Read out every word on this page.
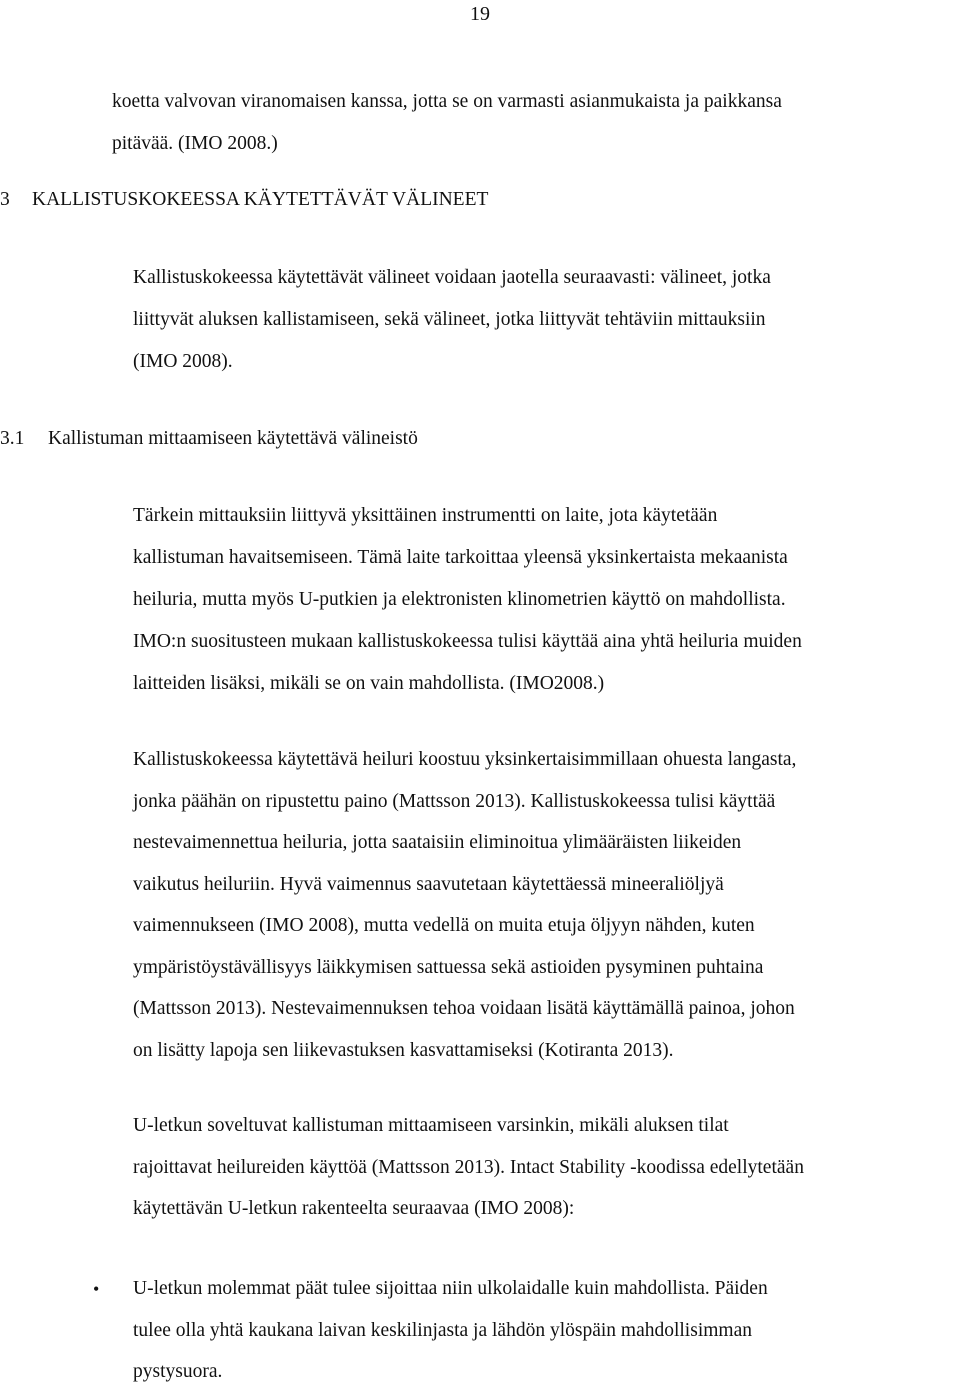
19
koetta valvovan viranomaisen kanssa, jotta se on varmasti asianmukaista ja paikkansa
pitävää. (IMO 2008.)
3 KALLISTUSKOKEESSA KÄYTETTÄVÄT VÄLINEET
Kallistuskokeessa käytettävät välineet voidaan jaotella seuraavasti: välineet, jotka
liittyvät aluksen kallistamiseen, sekä välineet, jotka liittyvät tehtäviin mittauksiin
(IMO 2008).
3.1 Kallistuman mittaamiseen käytettävä välineistö
Tärkein mittauksiin liittyvä yksittäinen instrumentti on laite, jota käytetään
kallistuman havaitsemiseen. Tämä laite tarkoittaa yleensä yksinkertaista mekaanista
heiluria, mutta myös U-putkien ja elektronisten klinometrien käyttö on mahdollista.
IMO:n suositusteen mukaan kallistuskokeessa tulisi käyttää aina yhtä heiluria muiden
laitteiden lisäksi, mikäli se on vain mahdollista. (IMO2008.)
Kallistuskokeessa käytettävä heiluri koostuu yksinkertaisimmillaan ohuesta langasta,
jonka päähän on ripustettu paino (Mattsson 2013). Kallistuskokeessa tulisi käyttää
nestevaimennettua heiluria, jotta saataisiin eliminoitua ylimääräisten liikeiden
vaikutus heiluriin. Hyvä vaimennus saavutetaan käytettäessä mineeraliöljyä
vaimennukseen (IMO 2008), mutta vedellä on muita etuja öljyyn nähden, kuten
ympäristöystävällisyys läikkymisen sattuessa sekä astioiden pysyminen puhtaina
(Mattsson 2013). Nestevaimennuksen tehoa voidaan lisätä käyttämällä painoa, johon
on lisätty lapoja sen liikevastuksen kasvattamiseksi (Kotiranta 2013).
U-letkun soveltuvat kallistuman mittaamiseen varsinkin, mikäli aluksen tilat
rajoittavat heilureiden käyttöä (Mattsson 2013). Intact Stability -koodissa edellytetään
käytettävän U-letkun rakenteelta seuraavaa (IMO 2008):
• U-letkun molemmat päät tulee sijoittaa niin ulkolaidalle kuin mahdollista. Päiden
tulee olla yhtä kaukana laivan keskilinjasta ja lähdön ylöspäin mahdollisimman
pystysuora.
